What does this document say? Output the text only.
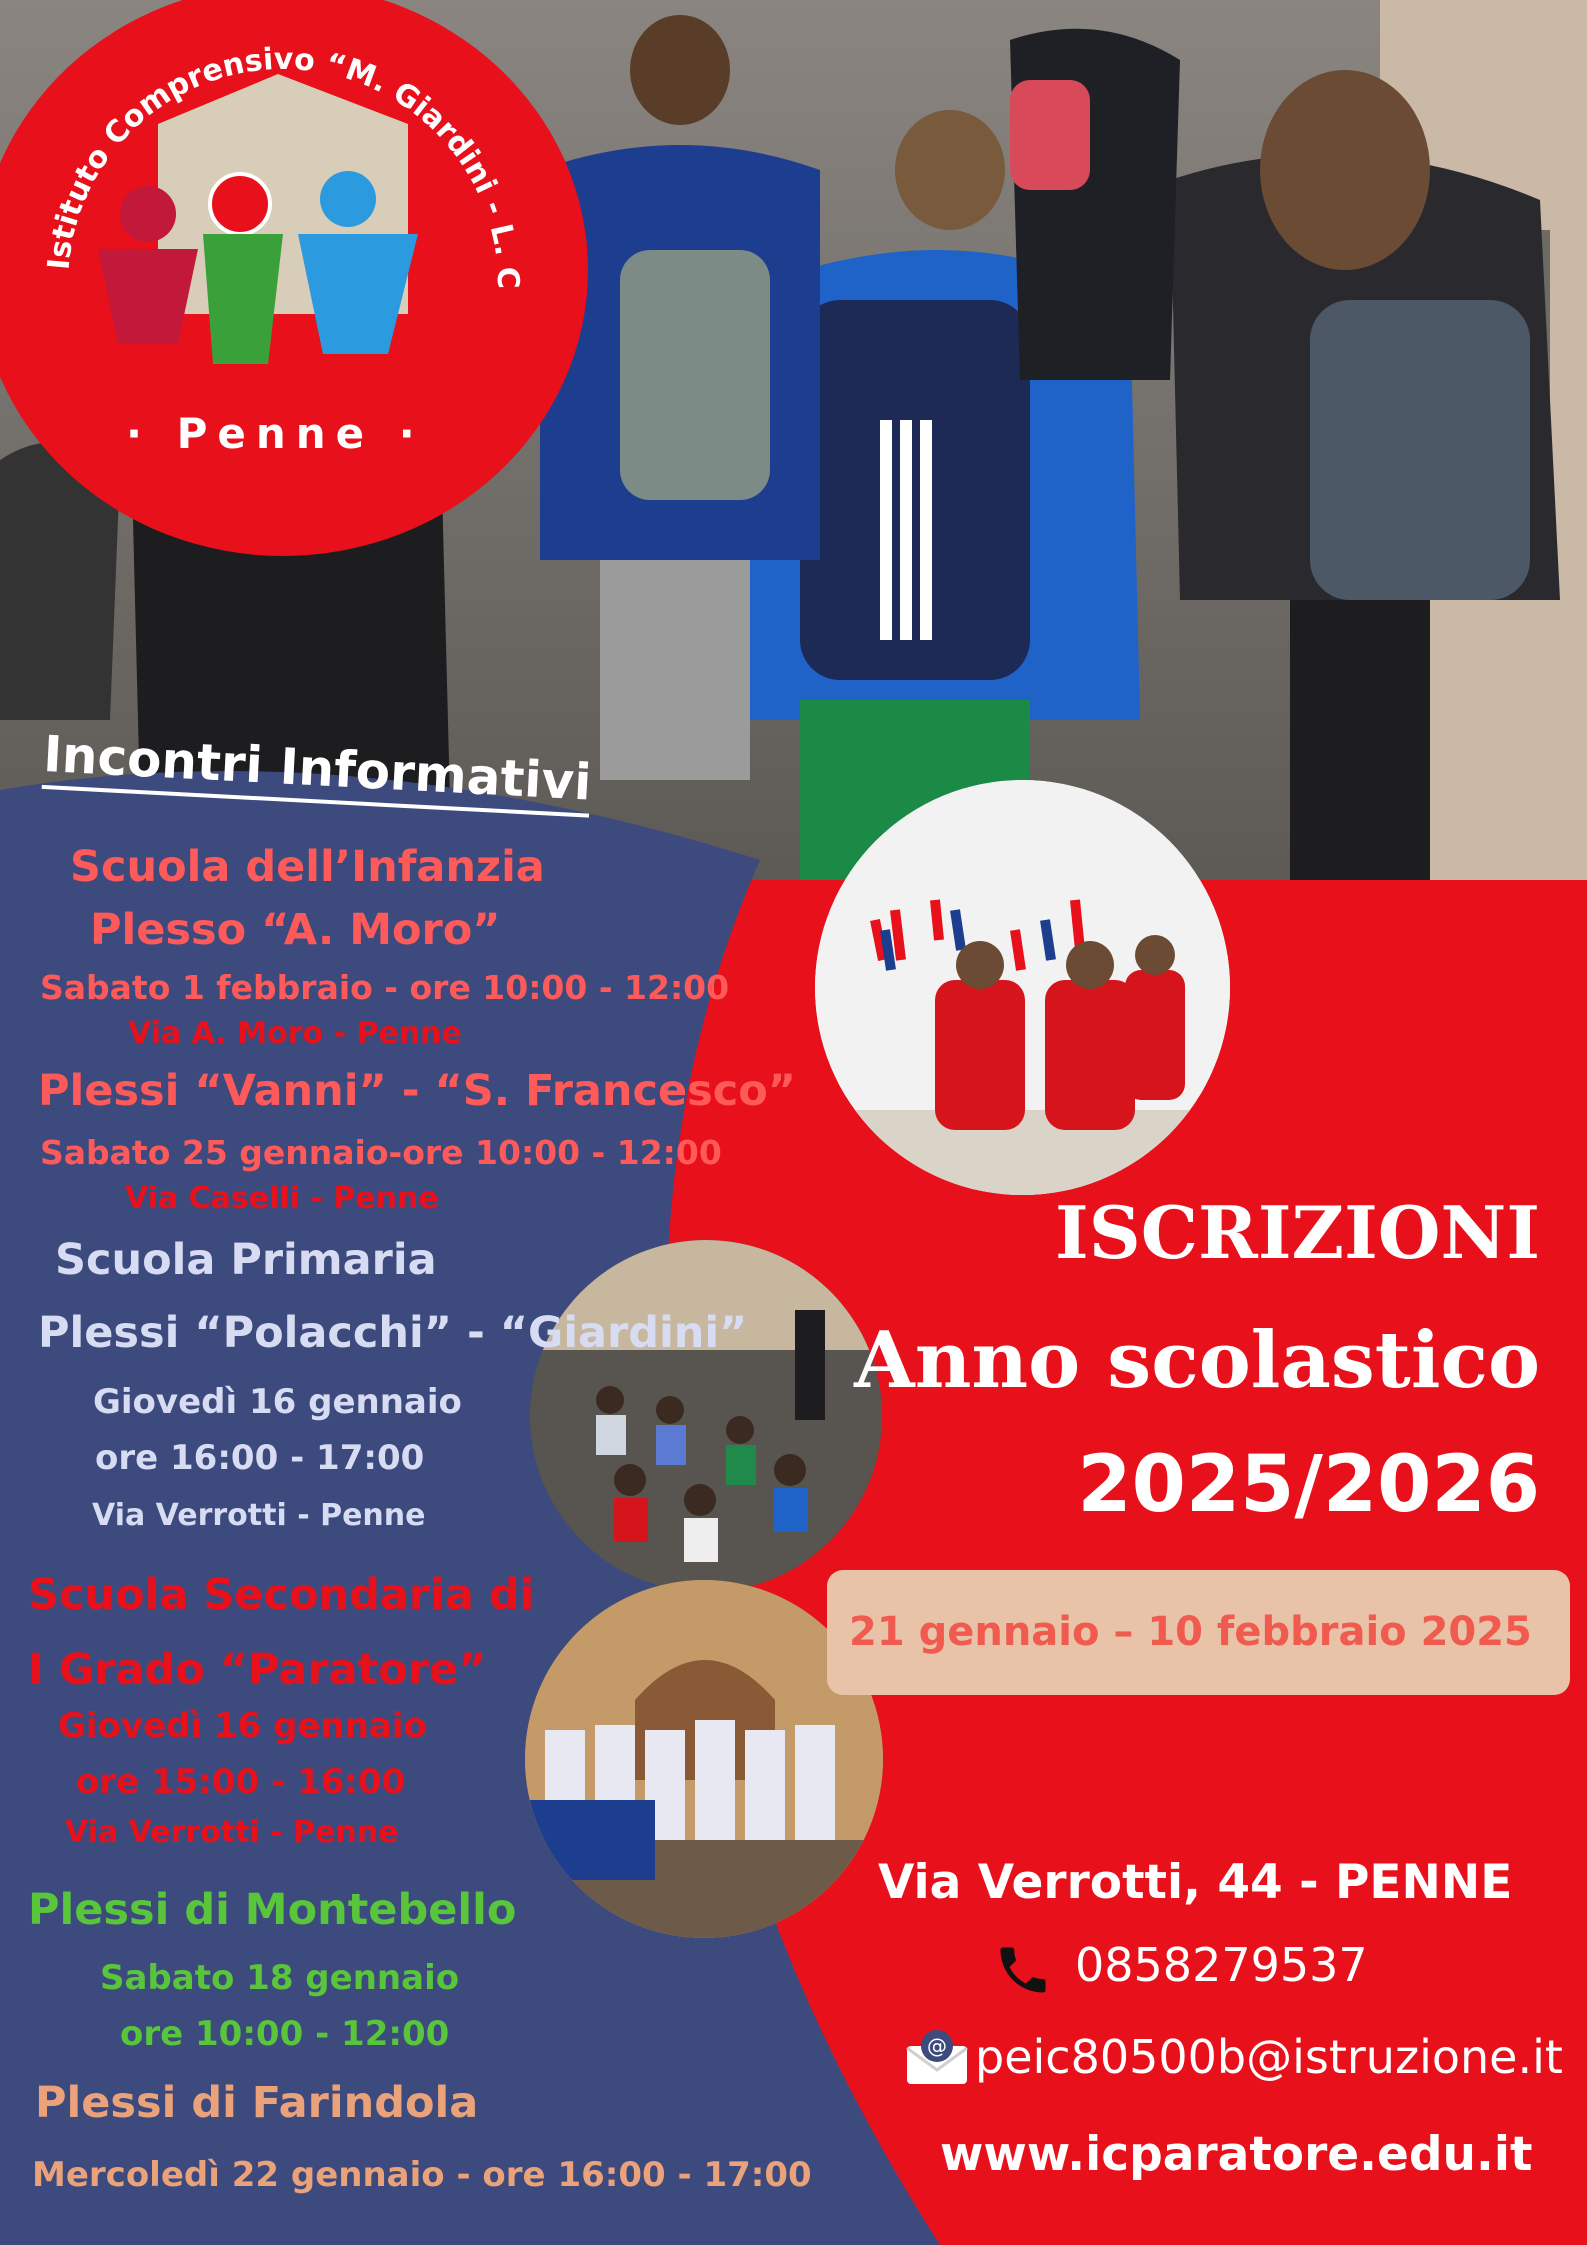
Istituto Comprensivo “M. Giardini - L. C
· Penne ·
Incontri Informativi
Scuola dell’Infanzia
Plesso “A. Moro”
Sabato 1 febbraio - ore 10:00 - 12:00
Via A. Moro - Penne
Plessi “Vanni” - “S. Francesco”
Sabato 25 gennaio-ore 10:00 - 12:00
Via Caselli - Penne
Scuola Primaria
Plessi “Polacchi” - “Giardini”
Giovedì 16 gennaio
ore 16:00 - 17:00
Via Verrotti - Penne
Scuola Secondaria di
I Grado “Paratore”
Giovedì 16 gennaio
ore 15:00 - 16:00
Via Verrotti - Penne
Plessi di Montebello
Sabato 18 gennaio
ore 10:00 - 12:00
Plessi di Farindola
Mercoledì 22 gennaio - ore 16:00 - 17:00
ISCRIZIONI
Anno scolastico
2025/2026
21 gennaio – 10 febbraio 2025
Via Verrotti, 44 - PENNE
0858279537
@ peic80500b@istruzione.it
www.icparatore.edu.it
